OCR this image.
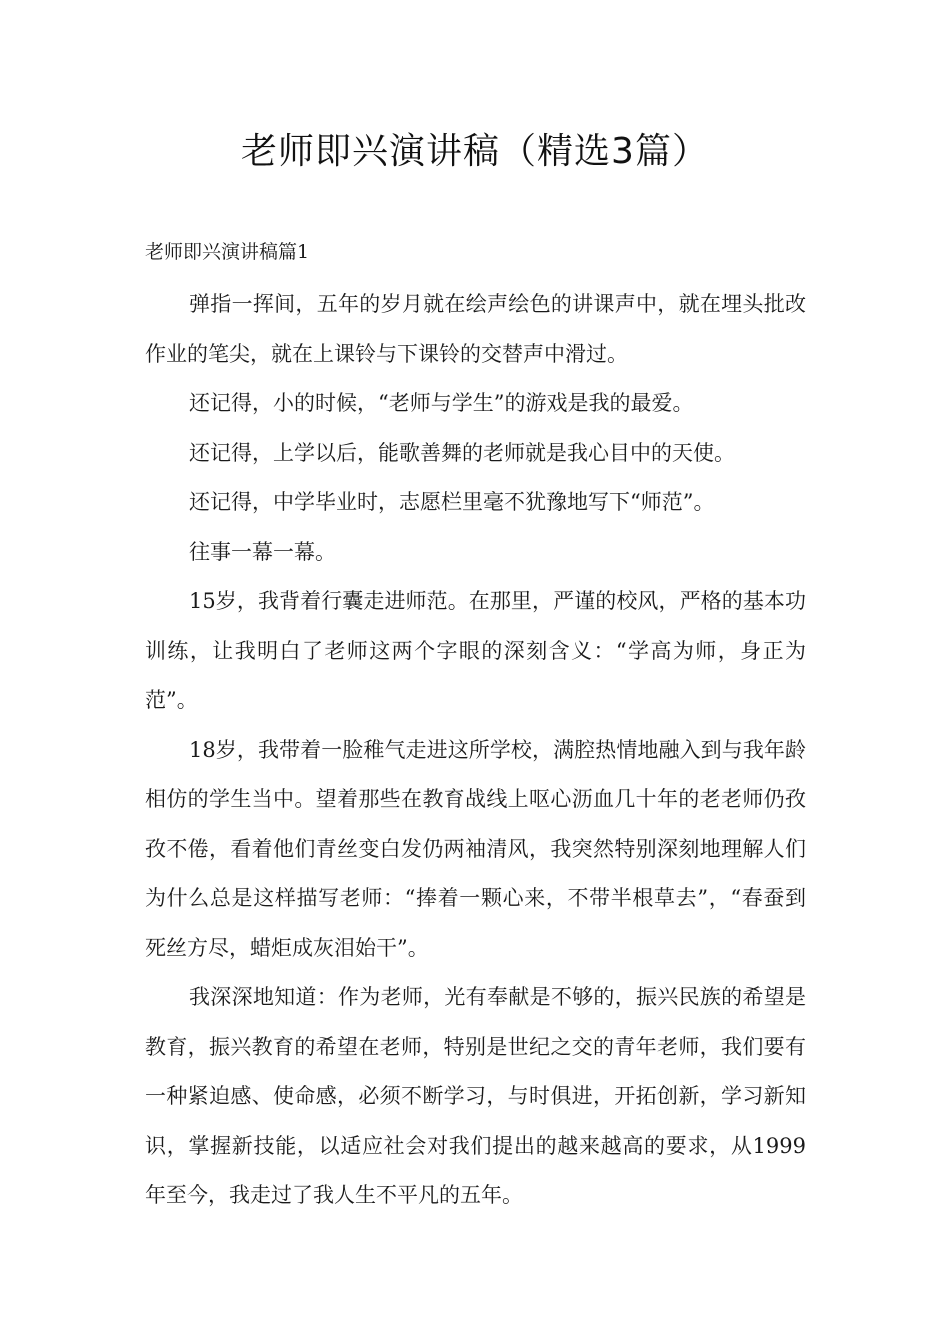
老师即兴演讲稿（精选3篇）
老师即兴演讲稿篇1

弹指一挥间，五年的岁月就在绘声绘色的讲课声中，就在埋头批改作业的笔尖，就在上课铃与下课铃的交替声中滑过。

还记得，小的时候，“老师与学生”的游戏是我的最爱。

还记得，上学以后，能歌善舞的老师就是我心目中的天使。

还记得，中学毕业时，志愿栏里毫不犹豫地写下“师范”。

往事一幕一幕。

15岁，我背着行囊走进师范。在那里，严谨的校风，严格的基本功训练，让我明白了老师这两个字眼的深刻含义：“学高为师，身正为范”。

18岁，我带着一脸稚气走进这所学校，满腔热情地融入到与我年龄相仿的学生当中。望着那些在教育战线上呕心沥血几十年的老老师仍孜孜不倦，看着他们青丝变白发仍两袖清风，我突然特别深刻地理解人们为什么总是这样描写老师：“捧着一颗心来，不带半根草去”，“春蚕到死丝方尽，蜡炬成灰泪始干”。

我深深地知道：作为老师，光有奉献是不够的，振兴民族的希望是教育，振兴教育的希望在老师，特别是世纪之交的青年老师，我们要有一种紧迫感、使命感，必须不断学习，与时俱进，开拓创新，学习新知识，掌握新技能，以适应社会对我们提出的越来越高的要求，从1999年至今，我走过了我人生不平凡的五年。
